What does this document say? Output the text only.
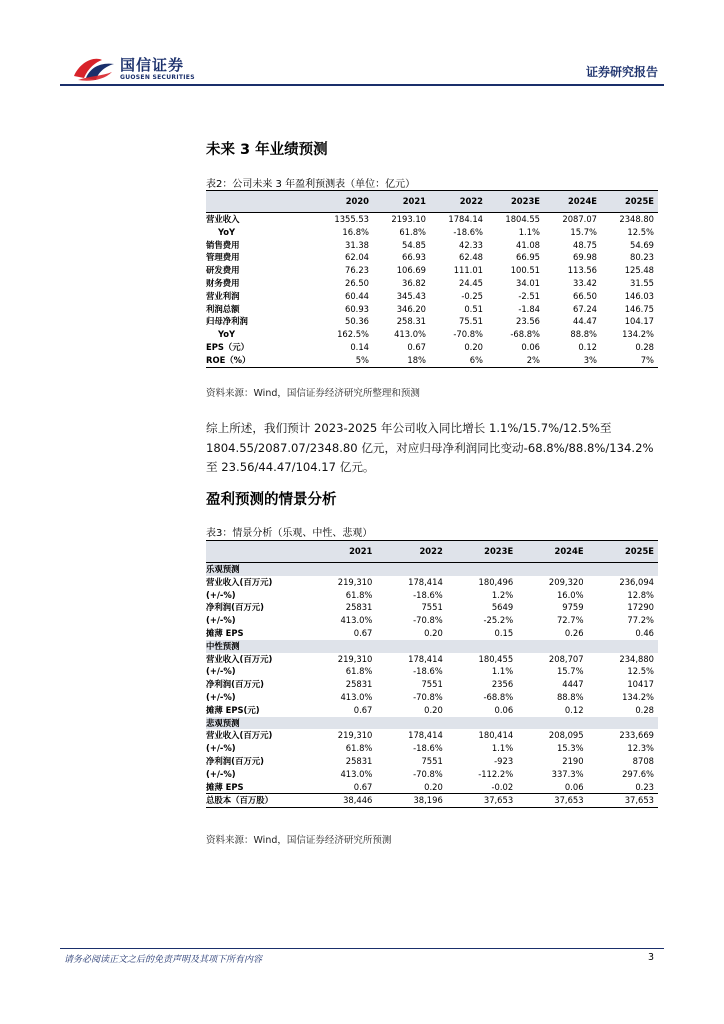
国信证券
GUOSEN SECURITIES	证券研究报告
未来 3 年业绩预测
表2：公司未来 3 年盈利预测表（单位：亿元）
	2020	2021	2022	2023E	2024E	2025E
营业收入	1355.53	2193.10	1784.14	1804.55	2087.07	2348.80
YoY	16.8%	61.8%	-18.6%	1.1%	15.7%	12.5%
销售费用	31.38	54.85	42.33	41.08	48.75	54.69
管理费用	62.04	66.93	62.48	66.95	69.98	80.23
研发费用	76.23	106.69	111.01	100.51	113.56	125.48
财务费用	26.50	36.82	24.45	34.01	33.42	31.55
营业利润	60.44	345.43	-0.25	-2.51	66.50	146.03
利润总额	60.93	346.20	0.51	-1.84	67.24	146.75
归母净利润	50.36	258.31	75.51	23.56	44.47	104.17
YoY	162.5%	413.0%	-70.8%	-68.8%	88.8%	134.2%
EPS（元）	0.14	0.67	0.20	0.06	0.12	0.28
ROE（%）	5%	18%	6%	2%	3%	7%
资料来源：Wind，国信证券经济研究所整理和预测
综上所述，我们预计 2023-2025 年公司收入同比增长 1.1%/15.7%/12.5%至
1804.55/2087.07/2348.80 亿元，对应归母净利润同比变动-68.8%/88.8%/134.2%
至 23.56/44.47/104.17 亿元。
盈利预测的情景分析
表3：情景分析（乐观、中性、悲观）
	2021	2022	2023E	2024E	2025E
乐观预测					
营业收入(百万元)	219,310	178,414	180,496	209,320	236,094
(+/-%)	61.8%	-18.6%	1.2%	16.0%	12.8%
净利润(百万元)	25831	7551	5649	9759	17290
(+/-%)	413.0%	-70.8%	-25.2%	72.7%	77.2%
摊薄 EPS	0.67	0.20	0.15	0.26	0.46
中性预测					
营业收入(百万元)	219,310	178,414	180,455	208,707	234,880
(+/-%)	61.8%	-18.6%	1.1%	15.7%	12.5%
净利润(百万元)	25831	7551	2356	4447	10417
(+/-%)	413.0%	-70.8%	-68.8%	88.8%	134.2%
摊薄 EPS(元)	0.67	0.20	0.06	0.12	0.28
悲观预测					
营业收入(百万元)	219,310	178,414	180,414	208,095	233,669
(+/-%)	61.8%	-18.6%	1.1%	15.3%	12.3%
净利润(百万元)	25831	7551	-923	2190	8708
(+/-%)	413.0%	-70.8%	-112.2%	337.3%	297.6%
摊薄 EPS	0.67	0.20	-0.02	0.06	0.23
总股本（百万股）	38,446	38,196	37,653	37,653	37,653
资料来源：Wind，国信证券经济研究所预测
请务必阅读正文之后的免责声明及其项下所有内容	3
